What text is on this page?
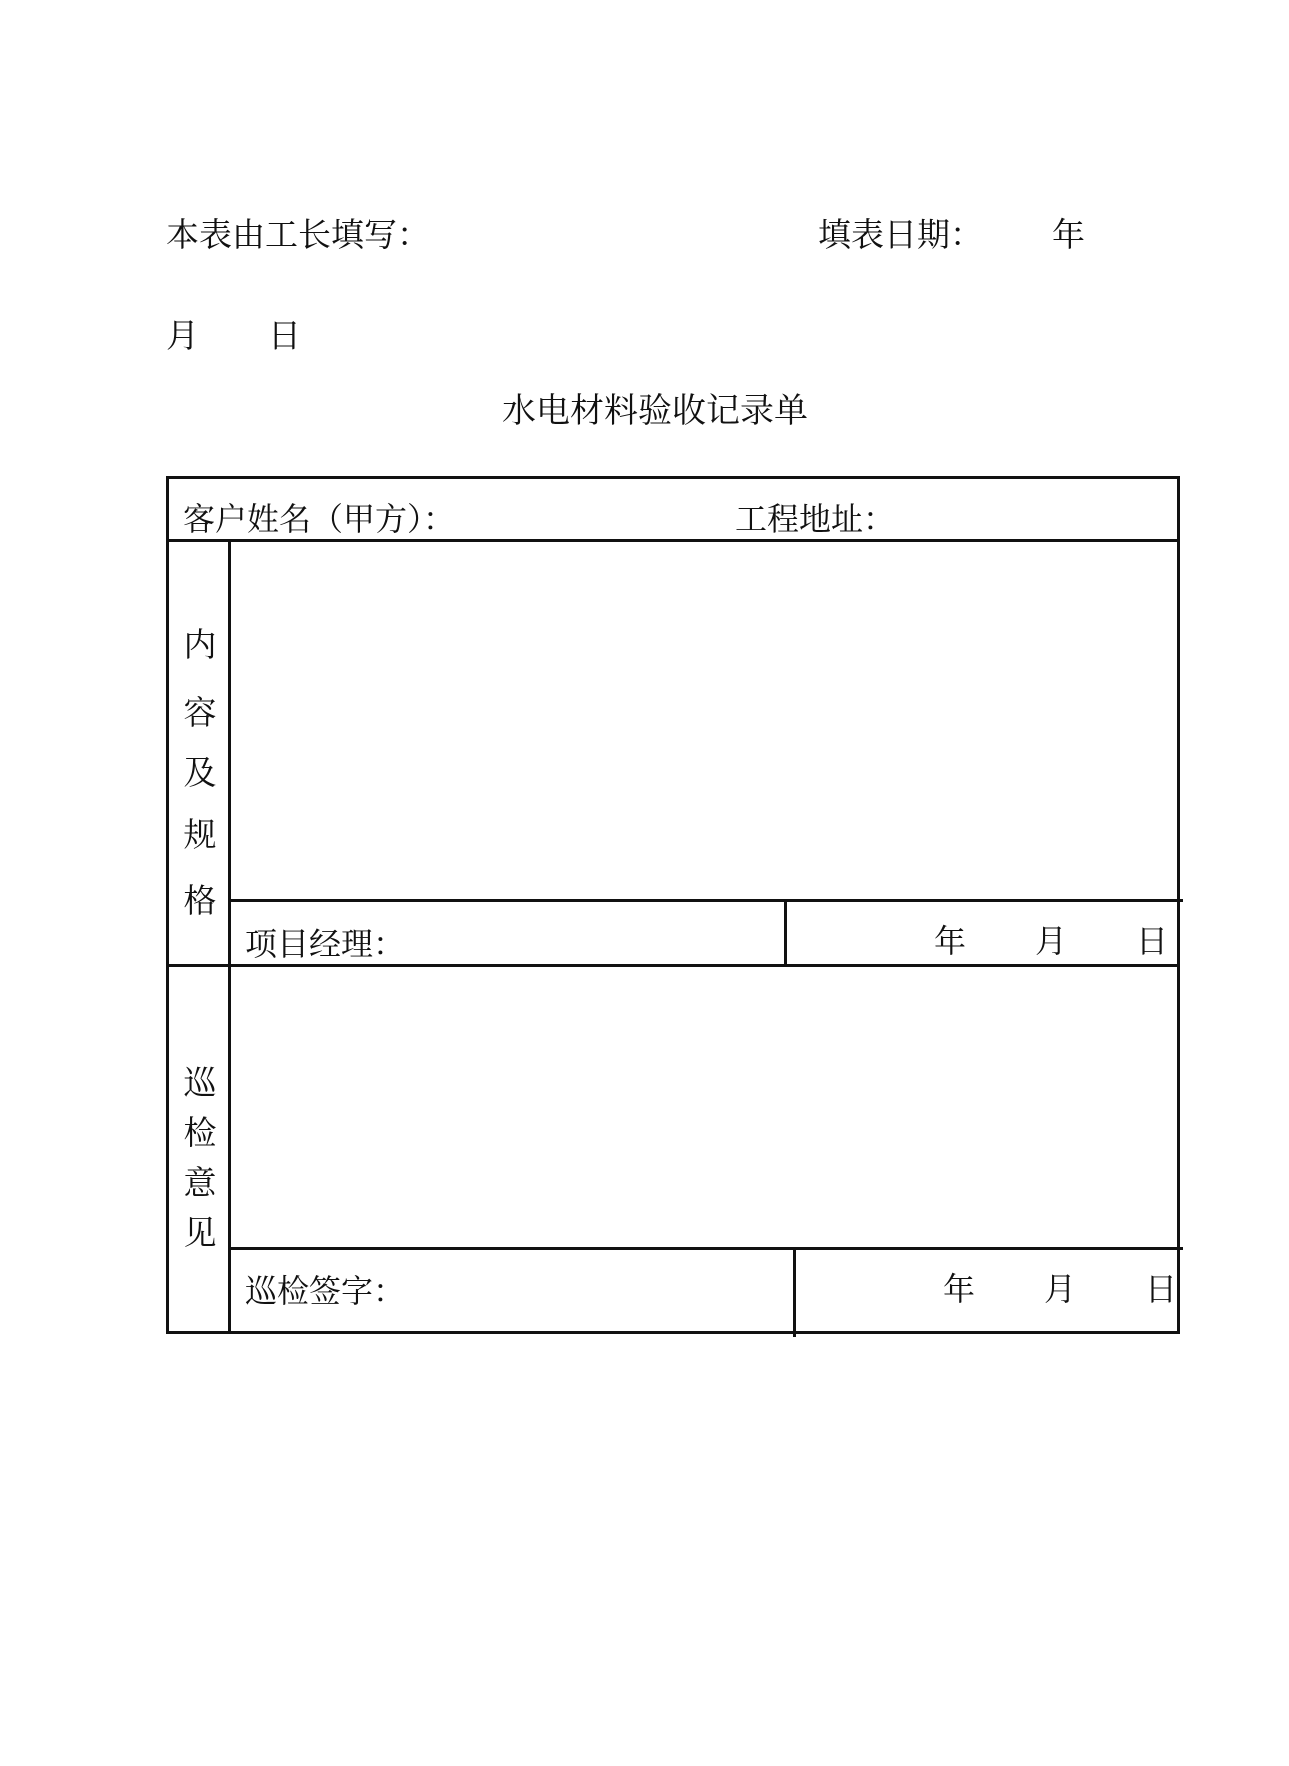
本表由工长填写：	填表日期： 年
月 日
水电材料验收记录单
客户姓名（甲方）：	工程地址：
内
容
及
规
格
项目经理：	年 月 日
巡
检
意
见
巡检签字：	年 月 日
